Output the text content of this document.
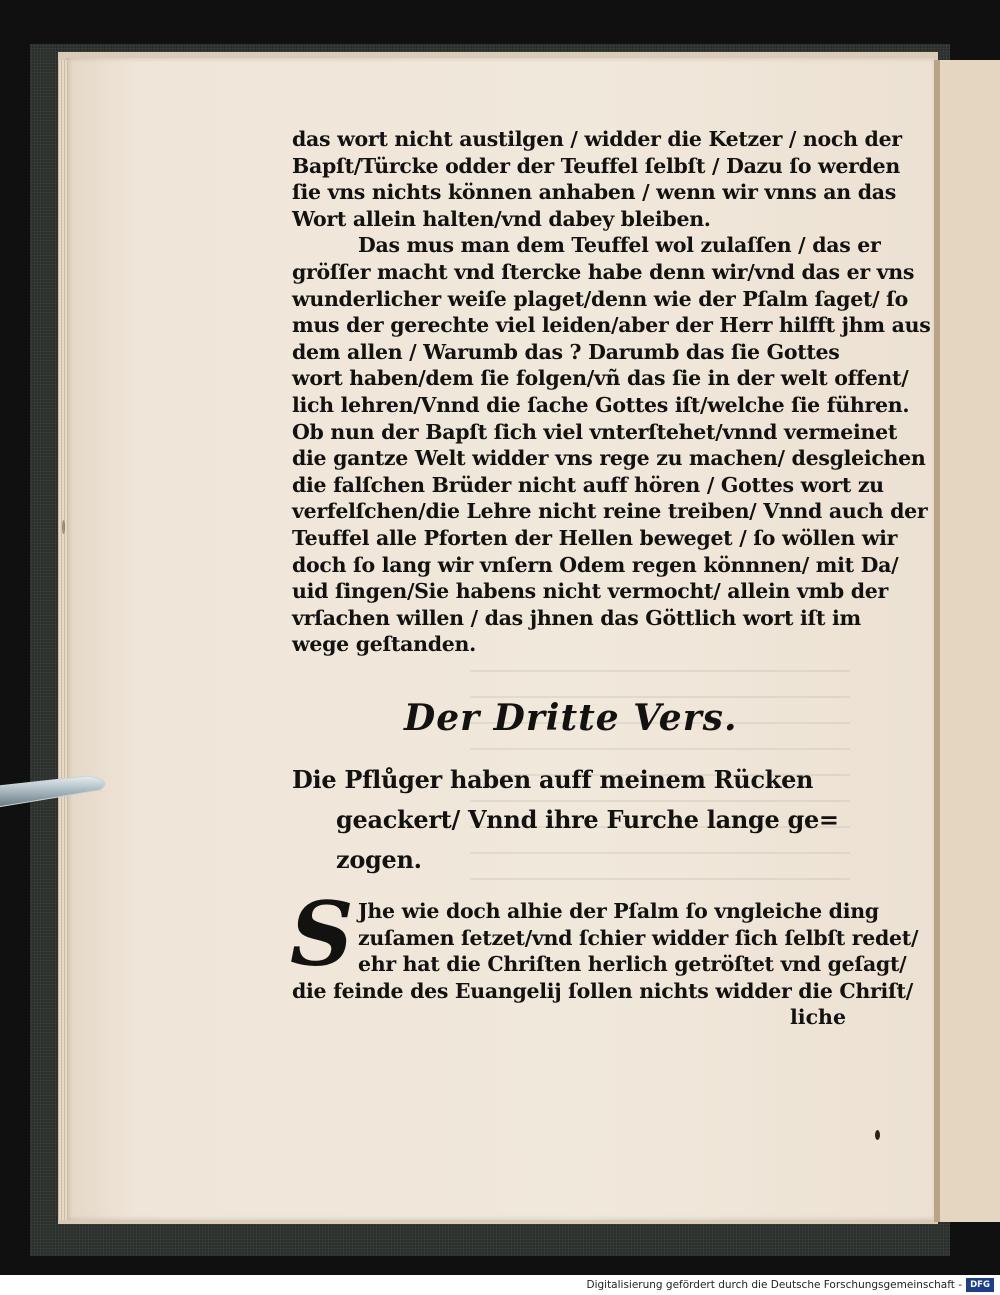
das wort nicht austilgen / widder die Ketzer / noch der
Bapſt/Türcke odder der Teuffel ſelbſt / Dazu ſo werden
ſie vns nichts können anhaben / wenn wir vnns an das
Wort allein halten/vnd dabey bleiben.
Das mus man dem Teuffel wol zulaſſen / das er
gröſſer macht vnd ſtercke habe denn wir/vnd das er vns
wunderlicher weiſe plaget/denn wie der Pſalm ſaget/ ſo
mus der gerechte viel leiden/aber der Herr hilfft jhm aus
dem allen / Warumb das ? Darumb das ſie Gottes
wort haben/dem ſie folgen/vñ das ſie in der welt offent/
lich lehren/Vnnd die ſache Gottes iſt/welche ſie führen.
Ob nun der Bapſt ſich viel vnterſtehet/vnnd vermeinet
die gantze Welt widder vns rege zu machen/ desgleichen
die falſchen Brüder nicht auff hören / Gottes wort zu
verfelſchen/die Lehre nicht reine treiben/ Vnnd auch der
Teuffel alle Pforten der Hellen beweget / ſo wöllen wir
doch ſo lang wir vnſern Odem regen könnnen/ mit Da/
uid ſingen/Sie habens nicht vermocht/ allein vmb der
vrſachen willen / das jhnen das Göttlich wort iſt im
wege geſtanden.
Der Dritte Vers.
Die Pflůger haben auff meinem Rücken
geackert/ Vnnd ihre Furche lange ge=
zogen.
S Jhe wie doch alhie der Pſalm ſo vngleiche ding
zuſamen ſetzet/vnd ſchier widder ſich ſelbſt redet/
ehr hat die Chriſten herlich getröſtet vnd geſagt/
die feinde des Euangelij ſollen nichts widder die Chriſt/
liche
Digitalisierung gefördert durch die Deutsche Forschungsgemeinschaft - DFG
